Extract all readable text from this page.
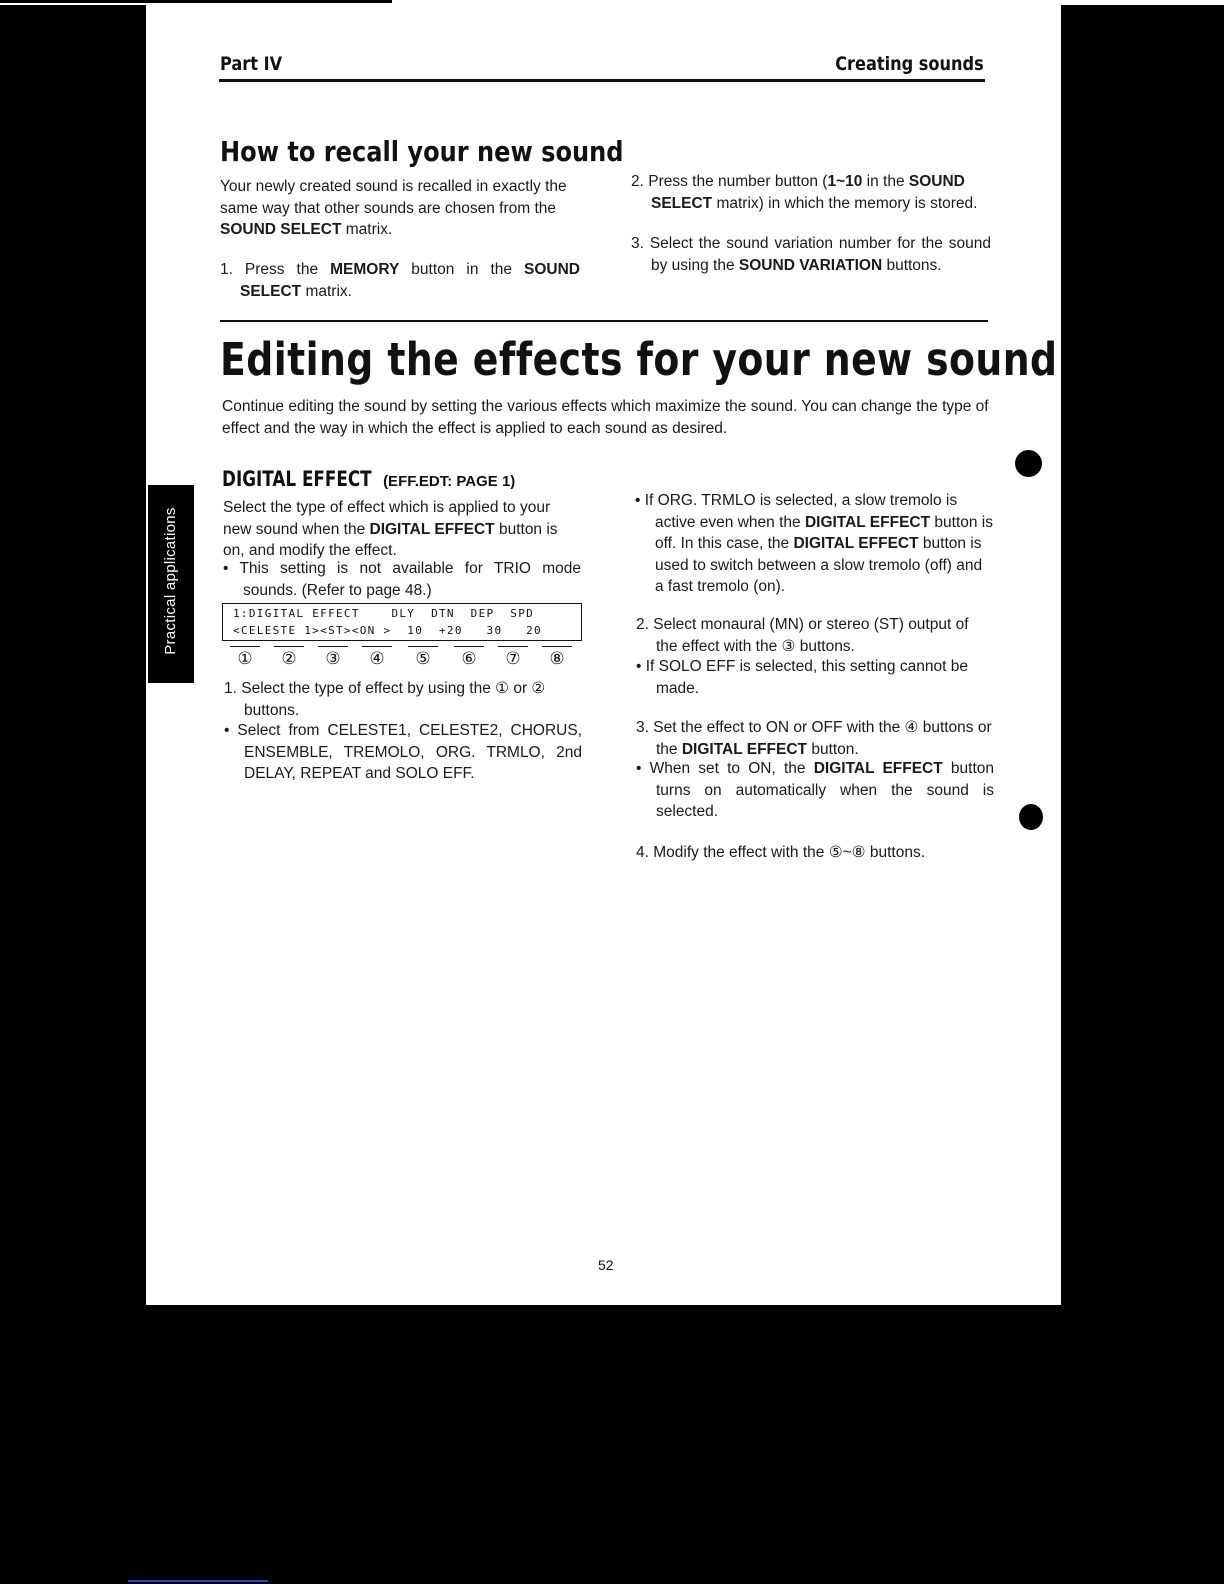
Practical applications
Part IV	Creating sounds
How to recall your new sound
Your newly created sound is recalled in exactly the same way that other sounds are chosen from the SOUND SELECT matrix.
1. Press the MEMORY button in the SOUND SELECT matrix.
2. Press the number button (1~10 in the SOUND SELECT matrix) in which the memory is stored.
3. Select the sound variation number for the sound by using the SOUND VARIATION buttons.
Editing the effects for your new sound
Continue editing the sound by setting the various effects which maximize the sound. You can change the type of effect and the way in which the effect is applied to each sound as desired.
DIGITAL EFFECT (EFF.EDT: PAGE 1)
Select the type of effect which is applied to your new sound when the DIGITAL EFFECT button is on, and modify the effect.
• This setting is not available for TRIO mode sounds. (Refer to page 48.)
1:DIGITAL EFFECT    DLY  DTN  DEP  SPD
<CELESTE 1><ST><ON >  10  +20   30   20
①	②	③	④	⑤	⑥	⑦	⑧
1. Select the type of effect by using the ① or ② buttons.
• Select from CELESTE1, CELESTE2, CHORUS, ENSEMBLE, TREMOLO, ORG. TRMLO, 2nd DELAY, REPEAT and SOLO EFF.
• If ORG. TRMLO is selected, a slow tremolo is active even when the DIGITAL EFFECT button is off. In this case, the DIGITAL EFFECT button is used to switch between a slow tremolo (off) and a fast tremolo (on).
2. Select monaural (MN) or stereo (ST) output of the effect with the ③ buttons.
• If SOLO EFF is selected, this setting cannot be made.
3. Set the effect to ON or OFF with the ④ buttons or the DIGITAL EFFECT button.
• When set to ON, the DIGITAL EFFECT button turns on automatically when the sound is selected.
4. Modify the effect with the ⑤~⑧ buttons.
52
